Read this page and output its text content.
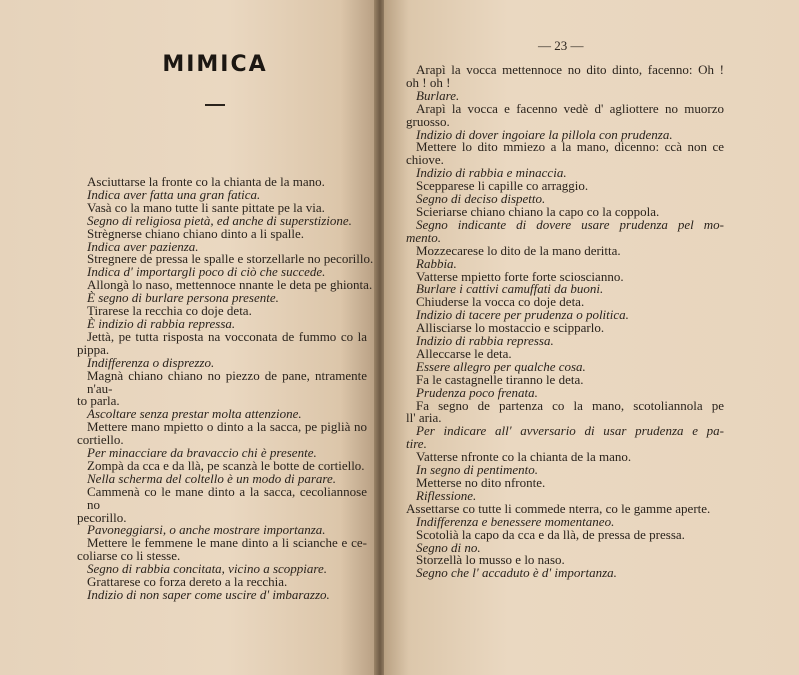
MIMICA
Asciuttarse la fronte co la chianta de la mano.
Indica aver fatta una gran fatica.
Vasà co la mano tutte li sante pittate pe la via.
Segno di religiosa pietà, ed anche di superstizione.
Strègnerse chiano chiano dinto a li spalle.
Indica aver pazienza.
Stregnere de pressa le spalle e storzellarle no pecorillo.
Indica d' importargli poco di ciò che succede.
Allongà lo naso, mettennoce nnante le deta pe ghionta.
È segno di burlare persona presente.
Tirarese la recchia co doje deta.
È indizio di rabbia repressa.
Jettà, pe tutta risposta na vocconata de fummo co la
pippa.
Indifferenza o disprezzo.
Magnà chiano chiano no piezzo de pane, ntramente n'au-
to parla.
Ascoltare senza prestar molta attenzione.
Mettere mano mpietto o dinto a la sacca, pe piglià no
cortiello.
Per minacciare da bravaccio chi è presente.
Zompà da cca e da llà, pe scanzà le botte de cortiello.
Nella scherma del coltello è un modo di parare.
Cammenà co le mane dinto a la sacca, cecoliannose no
pecorillo.
Pavoneggiarsi, o anche mostrare importanza.
Mettere le femmene le mane dinto a li scianche e ce-
coliarse co li stesse.
Segno di rabbia concitata, vicino a scoppiare.
Grattarese co forza dereto a la recchia.
Indizio di non saper come uscire d' imbarazzo.
— 23 —
Arapì la vocca mettennoce no dito dinto, facenno: Oh !
oh ! oh !
Burlare.
Arapì la vocca e facenno vedè d' agliottere no muorzo
gruosso.
Indizio di dover ingoiare la pillola con prudenza.
Mettere lo dito mmiezo a la mano, dicenno: ccà non ce
chiove.
Indizio di rabbia e minaccia.
Scepparese li capille co arraggio.
Segno di deciso dispetto.
Scieriarse chiano chiano la capo co la coppola.
Segno indicante di dovere usare prudenza pel mo-
mento.
Mozzecarese lo dito de la mano deritta.
Rabbia.
Vatterse mpietto forte forte scioscianno.
Burlare i cattivi camuffati da buoni.
Chiuderse la vocca co doje deta.
Indizio di tacere per prudenza o politica.
Allisciarse lo mostaccio e scipparlo.
Indizio di rabbia repressa.
Alleccarse le deta.
Essere allegro per qualche cosa.
Fa le castagnelle tiranno le deta.
Prudenza poco frenata.
Fa segno de partenza co la mano, scotoliannola pe
ll' aria.
Per indicare all' avversario di usar prudenza e pa-
tire.
Vatterse nfronte co la chianta de la mano.
In segno di pentimento.
Metterse no dito nfronte.
Riflessione.
Assettarse co tutte li commede nterra, co le gamme aperte.
Indifferenza e benessere momentaneo.
Scotolià la capo da cca e da llà, de pressa de pressa.
Segno di no.
Storzellà lo musso e lo naso.
Segno che l' accaduto è d' importanza.
